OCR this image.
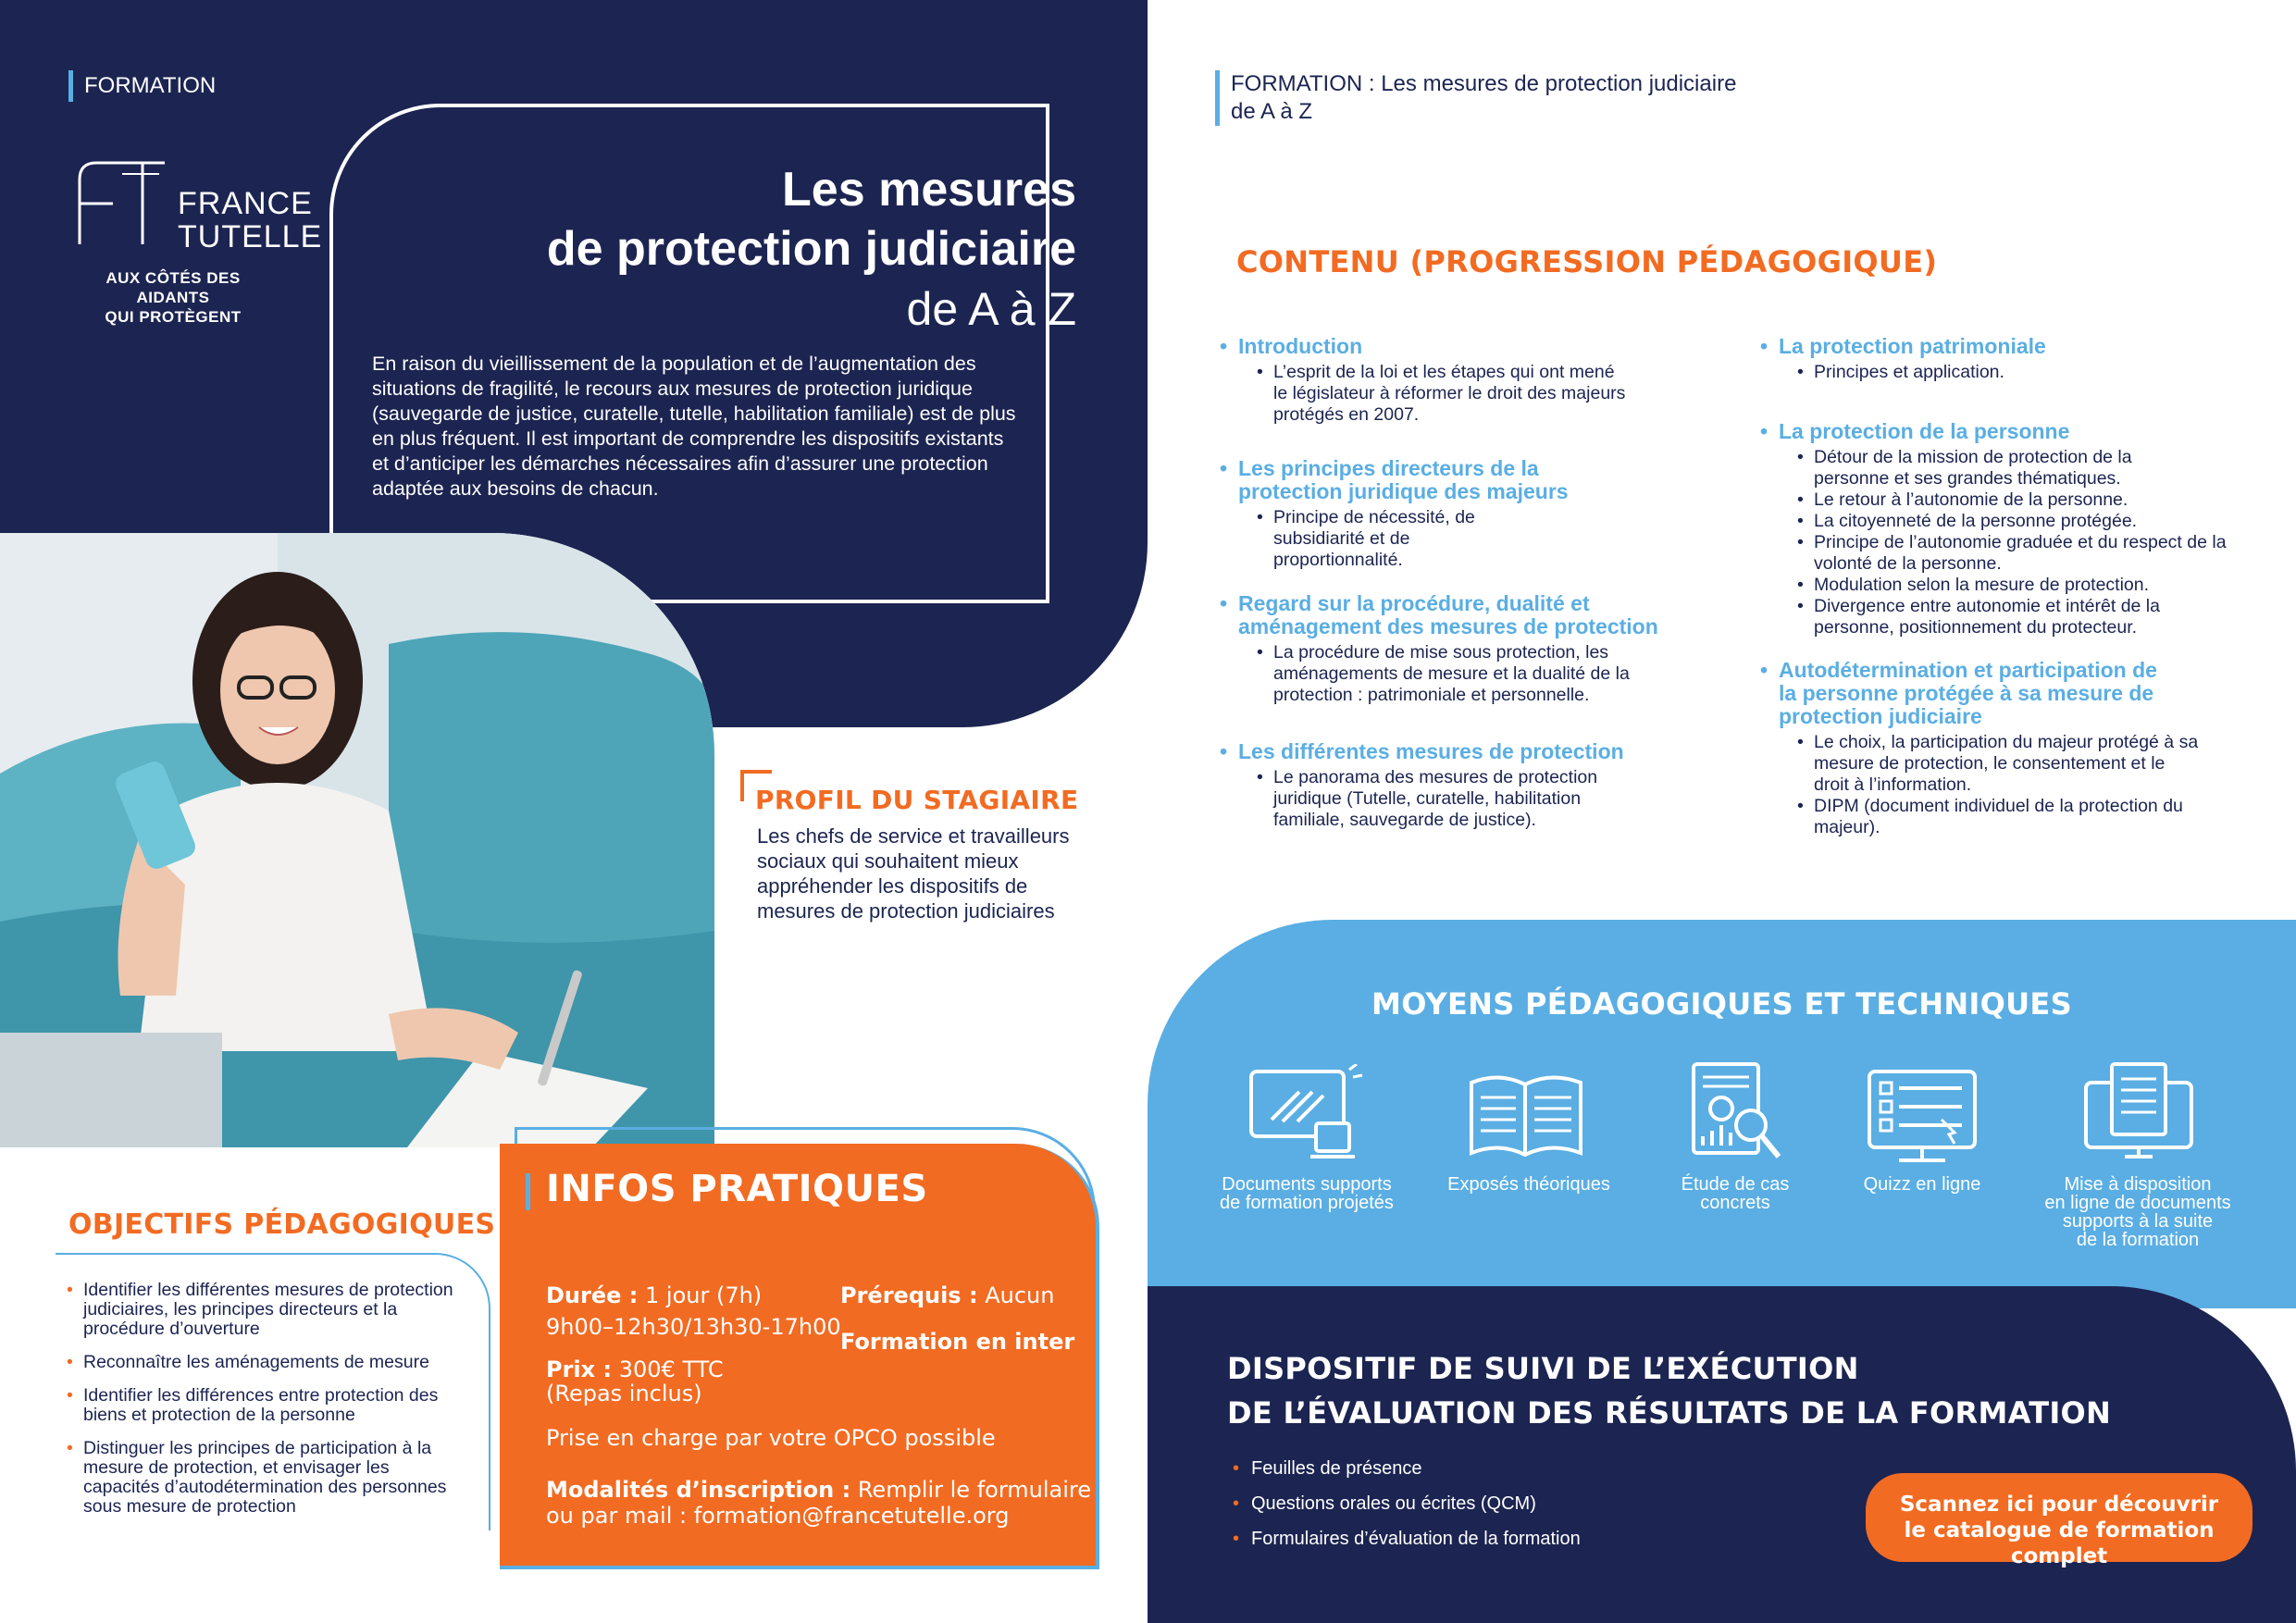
FORMATION
FRANCE
TUTELLE
AUX CÔTÉS DES AIDANTS
QUI PROTÈGENT
Les mesures
de protection judiciaire
de A à Z
En raison du vieillissement de la population et de l’augmentation des situations de fragilité, le recours aux mesures de protection juridique (sauvegarde de justice, curatelle, tutelle, habilitation familiale) est de plus en plus fréquent. Il est important de comprendre les dispositifs existants et d’anticiper les démarches nécessaires afin d’assurer une protection adaptée aux besoins de chacun.
PROFIL DU STAGIAIRE
Les chefs de service et travailleurs sociaux qui souhaitent mieux appréhender les dispositifs de mesures de protection judiciaires
OBJECTIFS PÉDAGOGIQUES
• Identifier les différentes mesures de protection judiciaires, les principes directeurs et la procédure d’ouverture
• Reconnaître les aménagements de mesure
• Identifier les différences entre protection des biens et protection de la personne
• Distinguer les principes de participation à la mesure de protection, et envisager les capacités d’autodétermination des personnes sous mesure de protection
INFOS PRATIQUES
Durée : 1 jour (7h)
9h00–12h30/13h30-17h00
Prix : 300€ TTC
(Repas inclus)
Prérequis : Aucun
Formation en inter
Prise en charge par votre OPCO possible
Modalités d’inscription : Remplir le formulaire
ou par mail : formation@francetutelle.org
FORMATION : Les mesures de protection judiciaire
de A à Z
CONTENU (PROGRESSION PÉDAGOGIQUE)
• Introduction
• L’esprit de la loi et les étapes qui ont mené le législateur à réformer le droit des majeurs protégés en 2007.
• Les principes directeurs de la
protection juridique des majeurs
• Principe de nécessité, de subsidiarité et de proportionnalité.
• Regard sur la procédure, dualité et
aménagement des mesures de protection
• La procédure de mise sous protection, les aménagements de mesure et la dualité de la protection : patrimoniale et personnelle.
• Les différentes mesures de protection
• Le panorama des mesures de protection juridique (Tutelle, curatelle, habilitation familiale, sauvegarde de justice).
• La protection patrimoniale
• Principes et application.
• La protection de la personne
• Détour de la mission de protection de la personne et ses grandes thématiques.
• Le retour à l’autonomie de la personne.
• La citoyenneté de la personne protégée.
• Principe de l’autonomie graduée et du respect de la volonté de la personne.
• Modulation selon la mesure de protection.
• Divergence entre autonomie et intérêt de la personne, positionnement du protecteur.
• Autodétermination et participation de
la personne protégée à sa mesure de
protection judiciaire
• Le choix, la participation du majeur protégé à sa mesure de protection, le consentement et le droit à l’information.
• DIPM (document individuel de la protection du majeur).
MOYENS PÉDAGOGIQUES ET TECHNIQUES
Documents supports
de formation projetés
Exposés théoriques	Étude de cas
concrets
Quizz en ligne	Mise à disposition
en ligne de documents
supports à la suite
de la formation
DISPOSITIF DE SUIVI DE L’EXÉCUTION
DE L’ÉVALUATION DES RÉSULTATS DE LA FORMATION
• Feuilles de présence
• Questions orales ou écrites (QCM)
• Formulaires d’évaluation de la formation
Scannez ici pour découvrir
le catalogue de formation complet
